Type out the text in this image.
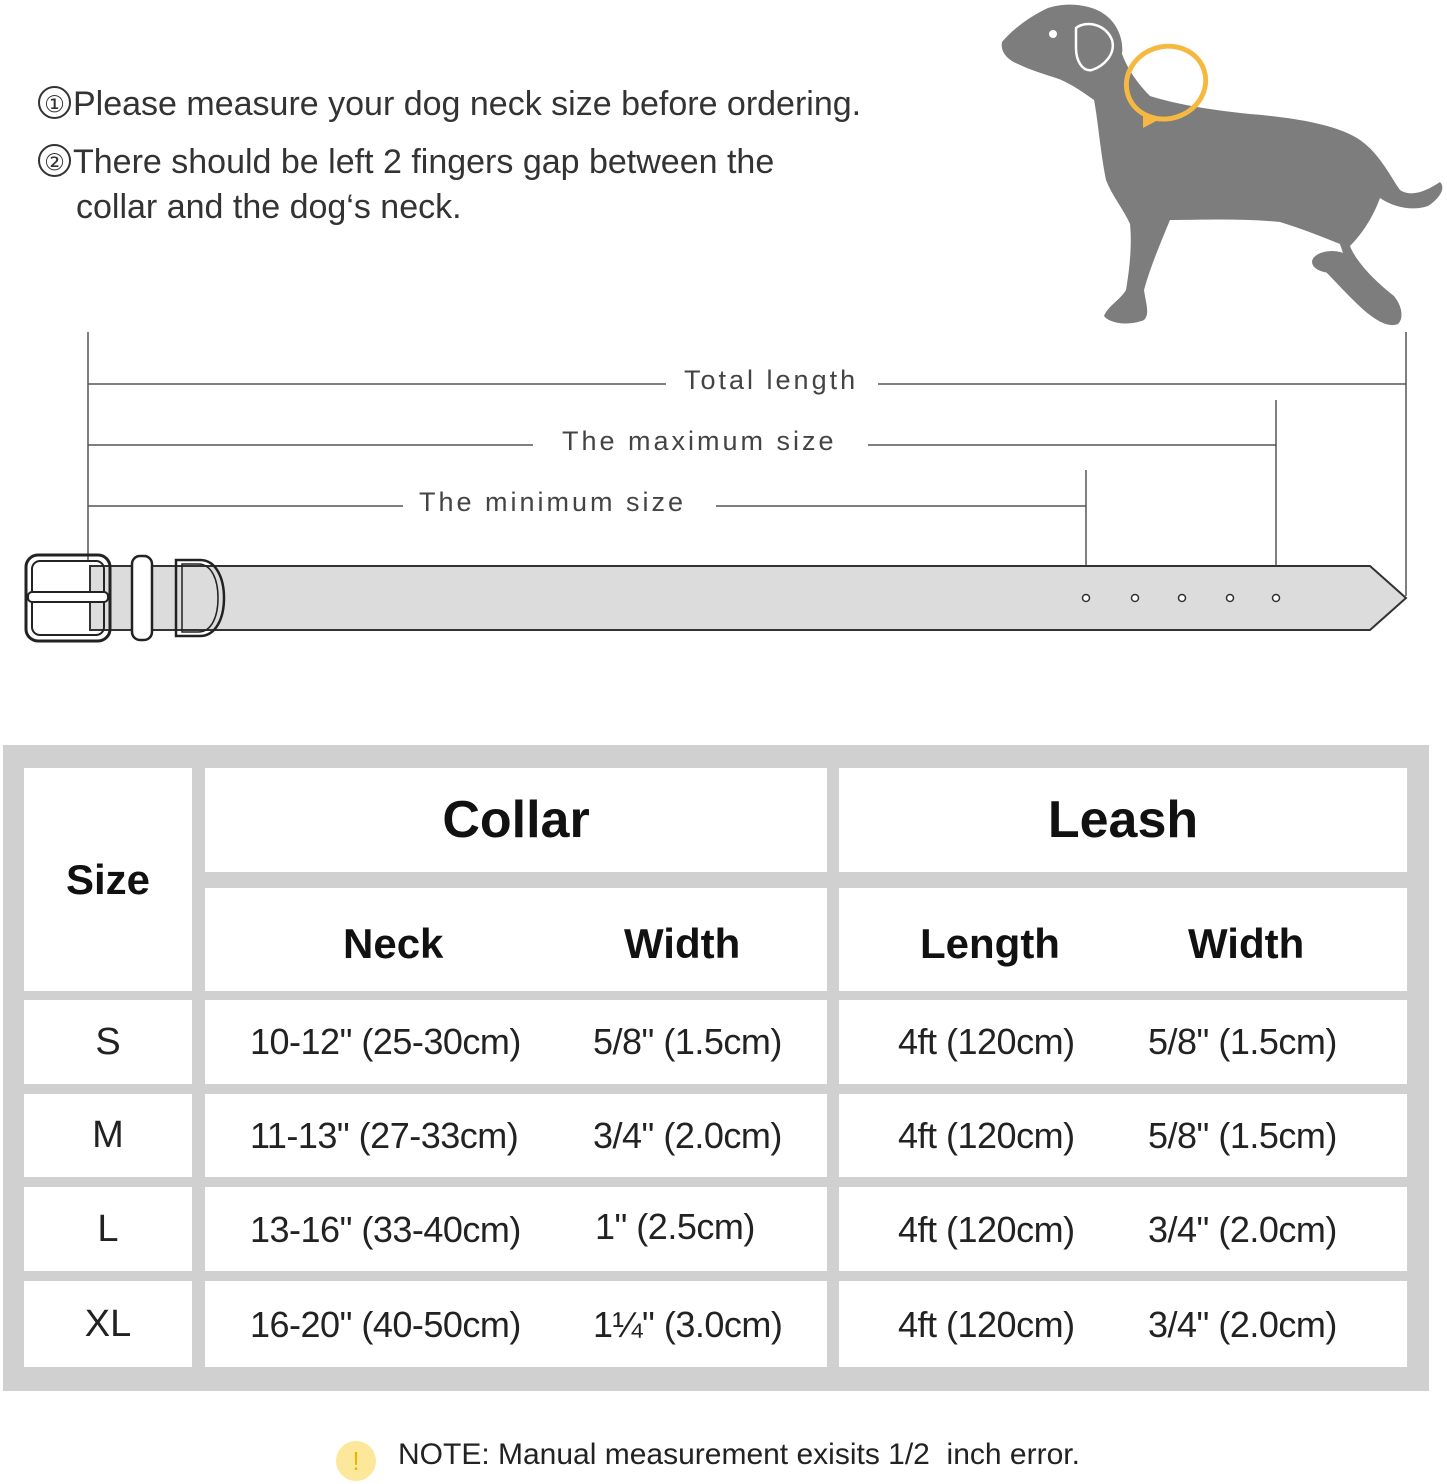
① Please measure your dog neck size before ordering.
② There should be left 2 fingers gap between the
collar and the dog‘s neck.
Total length
The maximum size
The minimum size
Size
Collar	Leash
Neck	Width	Length	Width
S	10-12" (25-30cm) 5/8" (1.5cm)	4ft (120cm) 5/8" (1.5cm)
M	11-13" (27-33cm) 3/4" (2.0cm)	4ft (120cm) 5/8" (1.5cm)
L	13-16" (33-40cm) 1" (2.5cm)	4ft (120cm) 3/4" (2.0cm)
XL	16-20" (40-50cm) 1¼" (3.0cm)	4ft (120cm) 3/4" (2.0cm)
! NOTE: Manual measurement exisits 1/2  inch error.
